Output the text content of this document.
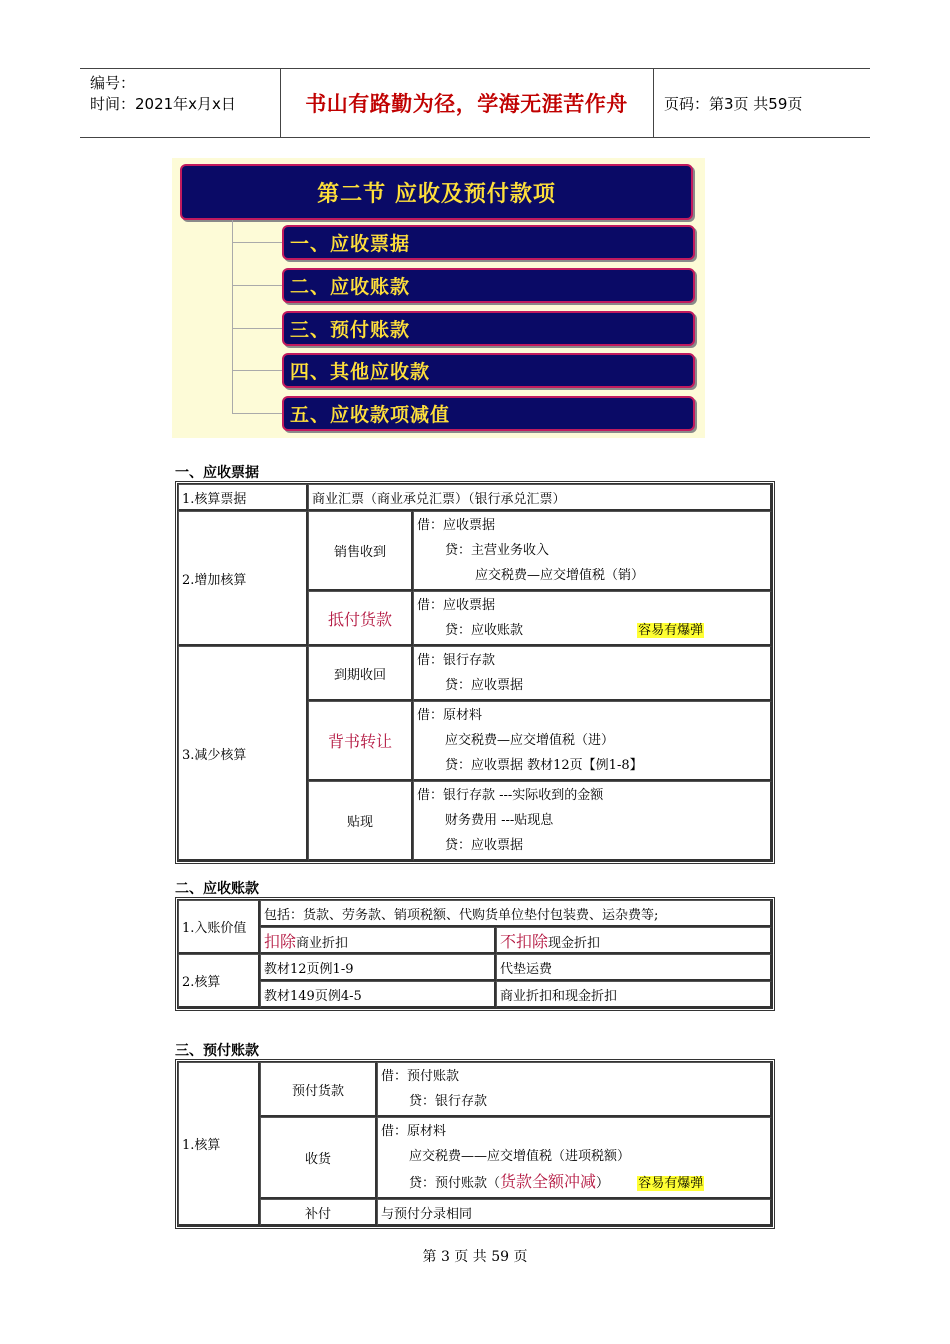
编号：
时间：2021年x月x日	书山有路勤为径，学海无涯苦作舟 页码：第3页 共59页
第二节 应收及预付款项
一、应收票据
二、应收账款
三、预付账款
四、其他应收款
五、应收款项减值
一、应收票据
1.核算票据	商业汇票（商业承兑汇票）（银行承兑汇票）	
2.增加核算	销售收到	借：应收票据
贷：主营业务收入
应交税费—应交增值税（销）

	抵付货款	借：应收票据
贷：应收账款 容易有爆弹

3.减少核算	到期收回	借：银行存款
贷：应收票据

	背书转让	借：原材料
应交税费—应交增值税（进）
贷：应收票据 教材12页【例1-8】

	贴现	借：银行存款 ---实际收到的金额
财务费用 ---贴现息
贷：应收票据
二、应收账款
1.入账价值	包括：货款、劳务款、销项税额、代购货单位垫付包装费、运杂费等;	
	扣除商业折扣	不扣除现金折扣
2.核算	教材12页例1-9	代垫运费
	教材149页例4-5	商业折扣和现金折扣
三、预付账款
1.核算	预付货款	借：预付账款
贷：银行存款

	收货	借：原材料
应交税费——应交增值税（进项税额）
贷：预付账款（货款全额冲减） 容易有爆弹

	补付	与预付分录相同
第 3 页 共 59 页
